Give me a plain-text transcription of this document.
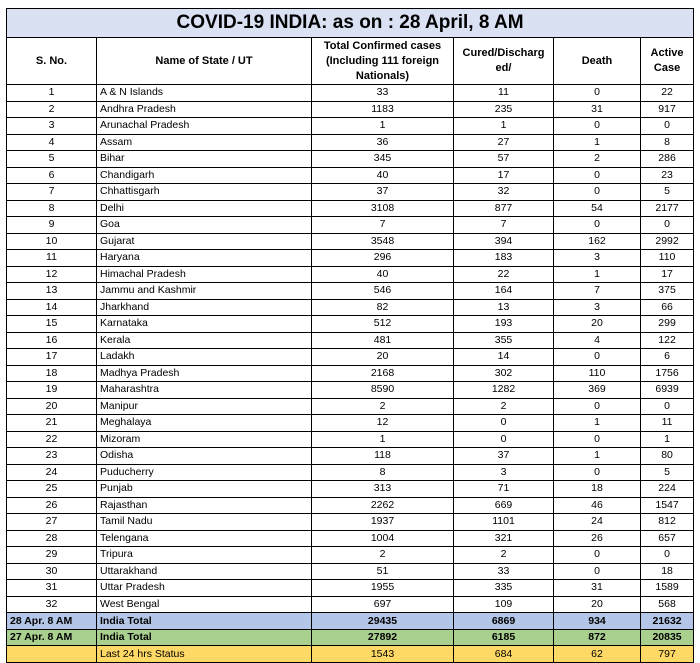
COVID-19 INDIA: as on : 28 April, 8 AM					
S. No.	Name of State / UT	Total Confirmed cases (Including 111 foreign Nationals)	Cured/Discharged/	Death	Active Case
1	A & N Islands	33	11	0	22
2	Andhra Pradesh	1183	235	31	917
3	Arunachal Pradesh	1	1	0	0
4	Assam	36	27	1	8
5	Bihar	345	57	2	286
6	Chandigarh	40	17	0	23
7	Chhattisgarh	37	32	0	5
8	Delhi	3108	877	54	2177
9	Goa	7	7	0	0
10	Gujarat	3548	394	162	2992
11	Haryana	296	183	3	110
12	Himachal Pradesh	40	22	1	17
13	Jammu and Kashmir	546	164	7	375
14	Jharkhand	82	13	3	66
15	Karnataka	512	193	20	299
16	Kerala	481	355	4	122
17	Ladakh	20	14	0	6
18	Madhya Pradesh	2168	302	110	1756
19	Maharashtra	8590	1282	369	6939
20	Manipur	2	2	0	0
21	Meghalaya	12	0	1	11
22	Mizoram	1	0	0	1
23	Odisha	118	37	1	80
24	Puducherry	8	3	0	5
25	Punjab	313	71	18	224
26	Rajasthan	2262	669	46	1547
27	Tamil Nadu	1937	1101	24	812
28	Telengana	1004	321	26	657
29	Tripura	2	2	0	0
30	Uttarakhand	51	33	0	18
31	Uttar Pradesh	1955	335	31	1589
32	West Bengal	697	109	20	568
28 Apr. 8 AM	India Total	29435	6869	934	21632
27 Apr. 8 AM	India Total	27892	6185	872	20835
	Last 24 hrs Status	1543	684	62	797
